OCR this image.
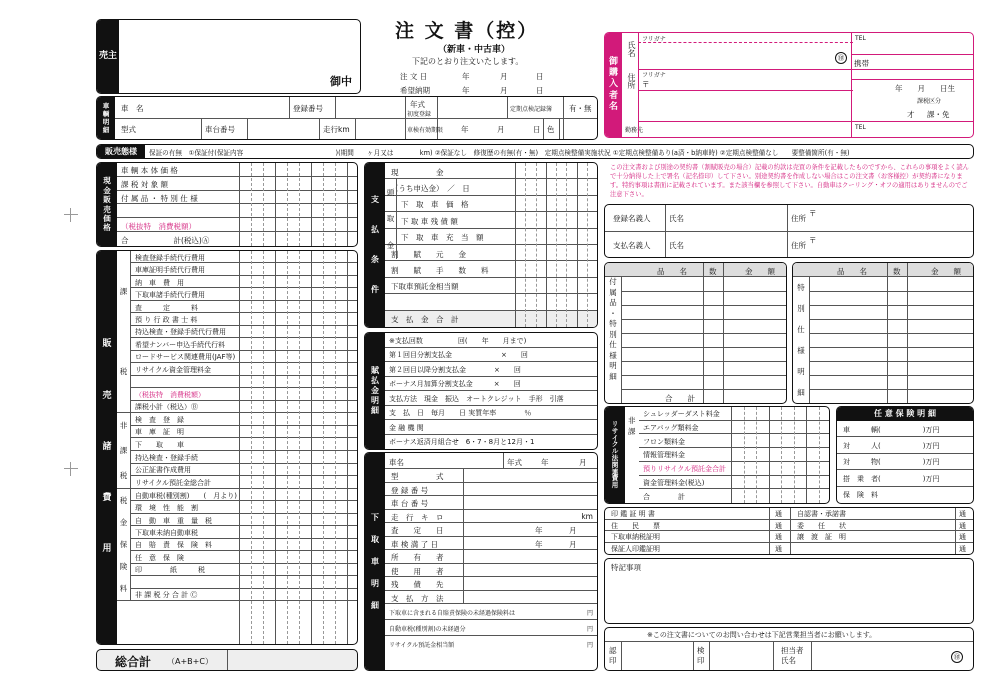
売主
御中
注 文 書（控）
（新車・中古車）
下記のとおり注文いたします。
注 文 日	年	月	日
希望納期	年	月	日
御
購
入
者
名
氏名
住所
勤務先
フリガナ
㊞
フリガナ
〒
TEL
携帯
年　　月　　日生
課税区分
才 課・免
TEL
車
輌
明
細
車　名	登録番号	年式
初度登録
定期点検記録簿 有・無
型式	車台番号	走行km	車検有効期限 年	月	日 色
販売態様	保証の有無　①保証付(保証内容　　　　　　　　　　　　　　)(期間　　ヶ月又は　　　　km) ②保証なし　修復歴の有無(有・無)　定期点検整備実施状況 ①定期点検整備あり(a済・b納車時) ②定期点検整備なし　　要整備箇所(有・無)
現
金
販
売
価
格
車 輌 本 体 価 格
課 税 対 象 額
付 属 品 ・ 特 別 仕 様
（税抜特　消費税額）
合　　　　　　計(税込)Ⓐ
販
売
諸
費
用
課
税
検査登録手続代行費用
車庫証明手続代行費用
納　車　費　用
下取車諸手続代行費用
査　　　定　　　料
預 り 行 政 書 士 料
持込検査・登録手続代行費用
希望ナンバー申込手続代行料
ロードサービス関連費用(JAF等)
リサイクル資金管理料金
（税抜特　消費税額）
課税小計（税込）Ⓑ
非
課
税
検　査　登　録
車　庫　証　明
下　　取　　車
持込検査・登録手続
公正証書作成費用
リサイクル預託金総合計
税
金
保
険
料
自動車税(種別割)　　(　月より)
環　境　性　能　割
自　動　車　重　量　税
下取車未納自動車税
自　賠　責　保　険　料
任　意　保　険
印　　　　紙　　　税
非 課 税 分 合 計 Ⓒ
総合計 （A+B+C）
支
払
条
件
現　　　　　金
（うち申込金）　／　日
下　取　車　価　格
下 取 車 残 債 額
下　取　車　充　当　額
割　　賦　　元　　金
割　　賦　　手　　数　　料
下取車預託金相当額
支　払　金　合　計
頭
取
金
賦
払
金
明
細
※支払回数　　　　　回(　　年　　月まで)
第１回目分割支払金　　　　　　　×　　回
第２回目以降分割支払金　　　　×　　回
ボーナス月加算分割支払金　　　×　　回
支払方法　現金　振込　オートクレジット　手形　引落
支　払　日　毎月　　日 実質年率　　　　％
金 融 機 関
ボーナス返済月組合せ　6・7・8月と12月・1
下
取
車
明
細
車名	年式	年	月
型　　　　　式
登 録 番 号
車 台 番 号
走　行　キ　ロ	km
査　　定　　日	年	月
車 検 満 了 日	年	月
所　　有　　者
使　　用　　者
残　　債　　先
支　払　方　法
下取車に含まれる自賠責保険の未経過保険料は	円
自動車税(種別割)の未経過分	円
リサイクル預託金相当額	円
この注文書および別途の契約書（割賦販売の場合）記載の約款は売買の条件を記載したものですから、これらの事項をよく読んで十分納得した上で署名（記名捺印）して下さい。別途契約書を作成しない場合はこの注文書（お客様控）が契約書になります。特約事項は書面に記載されています。また該当欄を参照して下さい。自動車はクーリング・オフの適用はありませんのでご注意下さい。
登録名義人
支払名義人
氏名
氏名
住所
住所
〒
〒
品　　名	数	金　　額
付
属
品
・
特
別
仕
様
明
細
合　　計
品　　名	数	金　　額
特
別
仕
様
明
細
リ
サ
イ
ク
ル
法
関
連
費
用
非課
シュレッダーダスト料金
エアバッグ類料金
フロン類料金
情報管理料金
預りリサイクル預託金合計
資金管理料金(税込)
合　　　　計
任 意 保 険 明 細
車　　　輌(　　　　　　)万円
対　　　人(　　　　　　)万円
対　　　物(　　　　　　)万円
搭　乗　者(　　　　　　)万円
保　険　料
印 鑑 証 明 書	通 自認書・承諾書	通
住　　民　　票	通 委　　任　　状	通
下取車納税証明	通 譲　渡　証　明	通
保証人印鑑証明	通	通
特記事項
※この注文書についてのお問い合わせは下記営業担当者にお願いします。
認印
検印
担当者氏名	㊞
